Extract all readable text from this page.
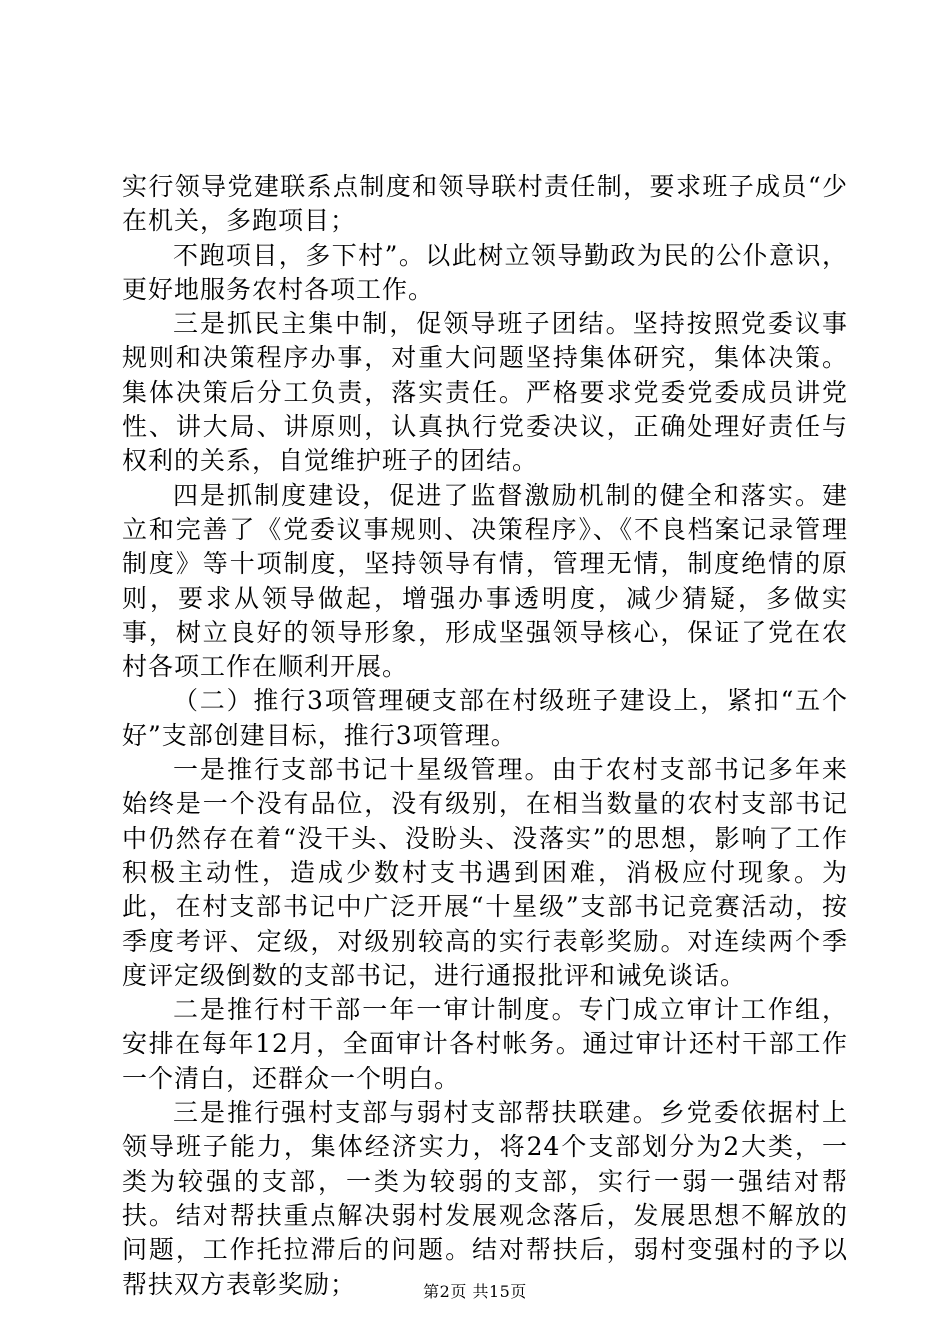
实行领导党建联系点制度和领导联村责任制，要求班子成员“少在机关，多跑项目；

不跑项目，多下村”。以此树立领导勤政为民的公仆意识，更好地服务农村各项工作。

三是抓民主集中制，促领导班子团结。坚持按照党委议事规则和决策程序办事，对重大问题坚持集体研究，集体决策。集体决策后分工负责，落实责任。严格要求党委党委成员讲党性、讲大局、讲原则，认真执行党委决议，正确处理好责任与权利的关系，自觉维护班子的团结。

四是抓制度建设，促进了监督激励机制的健全和落实。建立和完善了《党委议事规则、决策程序》、《不良档案记录管理制度》等十项制度，坚持领导有情，管理无情，制度绝情的原则，要求从领导做起，增强办事透明度，减少猜疑，多做实事，树立良好的领导形象，形成坚强领导核心，保证了党在农村各项工作在顺利开展。

（二）推行3项管理硬支部在村级班子建设上，紧扣“五个好”支部创建目标，推行3项管理。

一是推行支部书记十星级管理。由于农村支部书记多年来始终是一个没有品位，没有级别，在相当数量的农村支部书记中仍然存在着“没干头、没盼头、没落实”的思想，影响了工作积极主动性，造成少数村支书遇到困难，消极应付现象。为此，在村支部书记中广泛开展“十星级”支部书记竞赛活动，按季度考评、定级，对级别较高的实行表彰奖励。对连续两个季度评定级倒数的支部书记，进行通报批评和诫免谈话。

二是推行村干部一年一审计制度。专门成立审计工作组，安排在每年12月，全面审计各村帐务。通过审计还村干部工作一个清白，还群众一个明白。

三是推行强村支部与弱村支部帮扶联建。乡党委依据村上领导班子能力，集体经济实力，将24个支部划分为2大类，一类为较强的支部，一类为较弱的支部，实行一弱一强结对帮扶。结对帮扶重点解决弱村发展观念落后，发展思想不解放的问题，工作托拉滞后的问题。结对帮扶后，弱村变强村的予以帮扶双方表彰奖励；	第2页 共15页
